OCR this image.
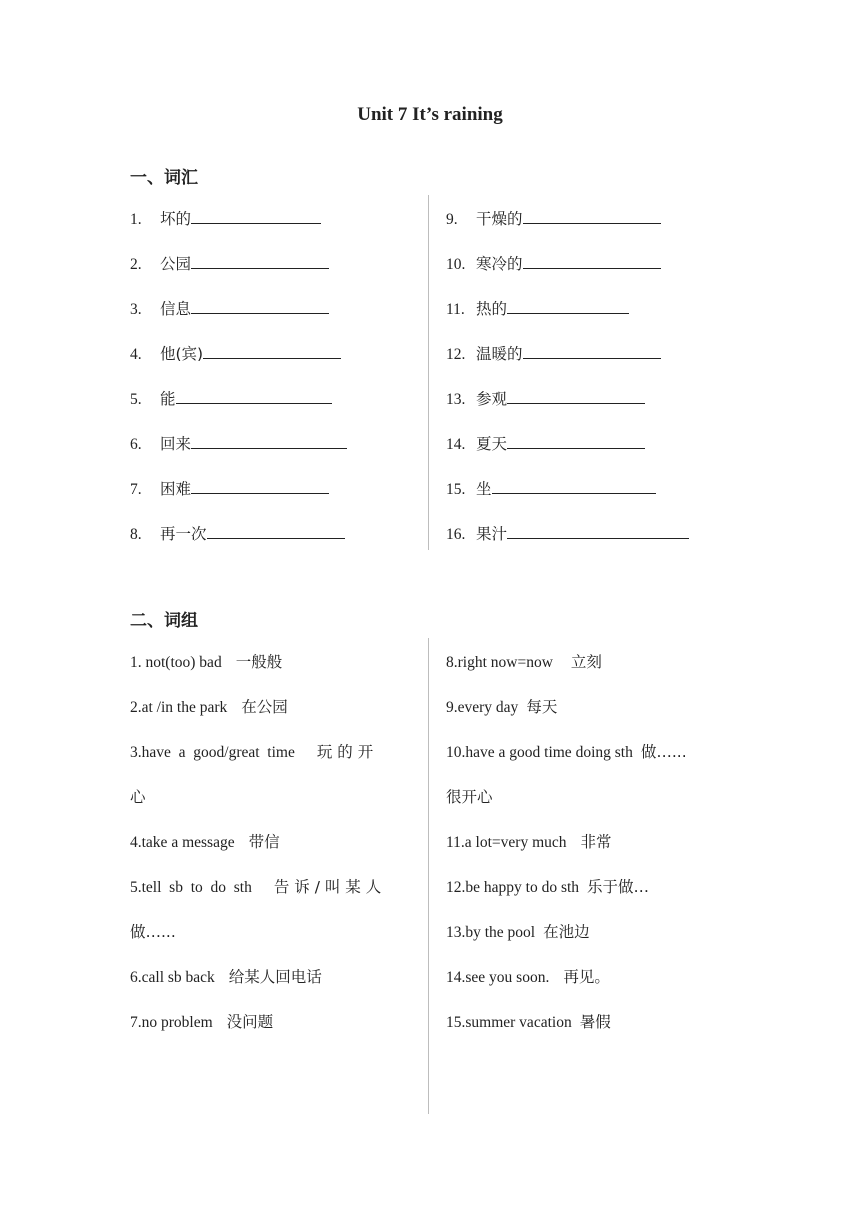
Unit 7 It’s raining
一、词汇
1. 坏的
2. 公园
3. 信息
4. 他(宾)
5. 能
6. 回来
7. 困难
8. 再一次
9. 干燥的
10. 寒冷的
11. 热的
12. 温暖的
13. 参观
14. 夏天
15. 坐
16. 果汁
二、词组
1. not(too) bad 一般般
2.at /in the park 在公园
3.have  a  good/great  time 玩 的 开
心
4.take a message 带信
5.tell  sb  to  do  sth 告 诉 / 叫 某 人
做…...
6.call sb back 给某人回电话
7.no problem 没问题
8.right now=now 立刻
9.every day 每天
10.have a good time doing sth 做…...
很开心
11.a lot=very much 非常
12.be happy to do sth 乐于做…
13.by the pool 在池边
14.see you soon. 再见。
15.summer vacation 暑假
